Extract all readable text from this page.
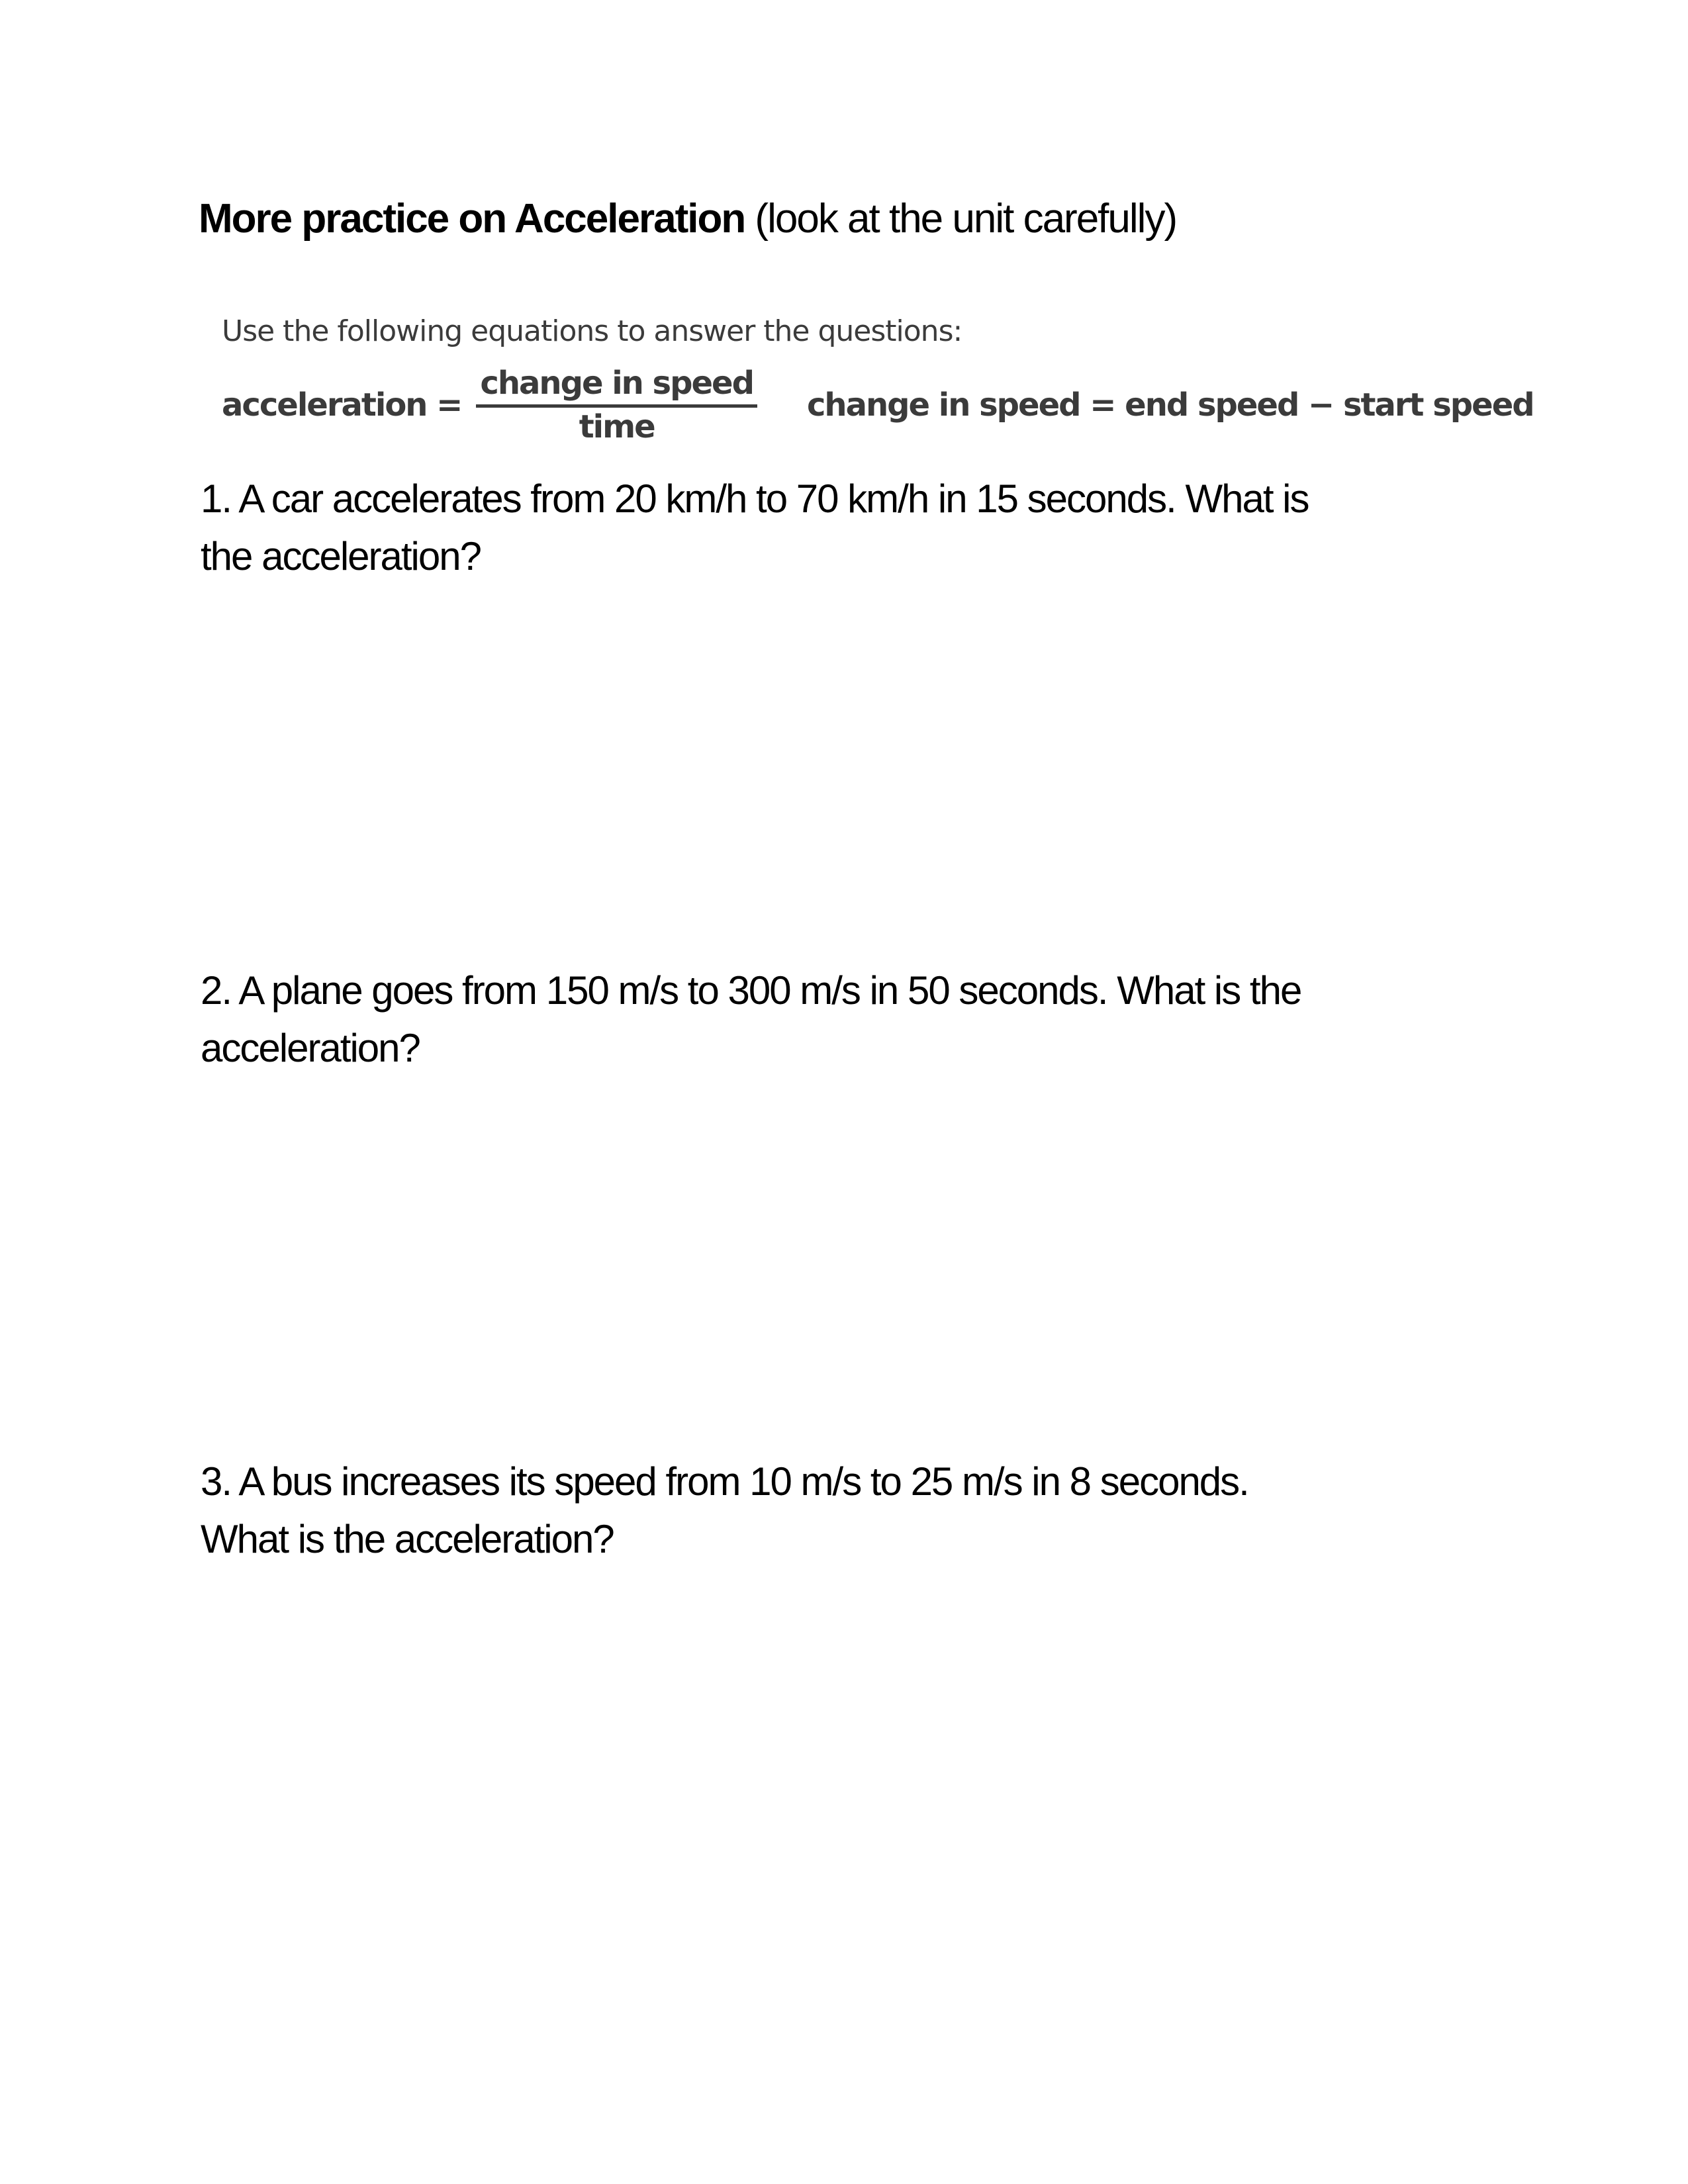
More practice on Acceleration (look at the unit carefully)

Use the following equations to answer the questions:

acceleration = $\frac{\text{change in speed}}{\text{time}}$ change in speed = end speed − start speed
1. A car accelerates from 20 km/h to 70 km/h in 15 seconds. What is
the acceleration?
2. A plane goes from 150 m/s to 300 m/s in 50 seconds. What is the
acceleration?
3. A bus increases its speed from 10 m/s to 25 m/s in 8 seconds.
What is the acceleration?
